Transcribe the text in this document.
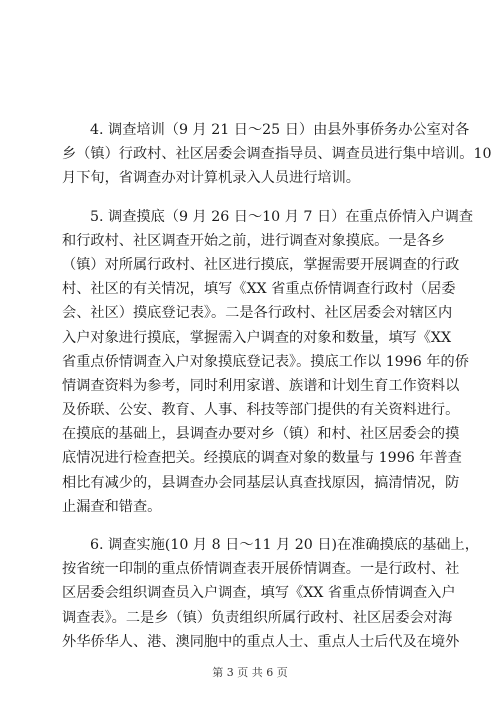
4. 调查培训（9 月 21 日～25 日）由县外事侨务办公室对各
乡（镇）行政村、社区居委会调查指导员、调查员进行集中培训。10
月下旬，省调查办对计算机录入人员进行培训。
5. 调查摸底（9 月 26 日～10 月 7 日）在重点侨情入户调查
和行政村、社区调查开始之前，进行调查对象摸底。一是各乡
（镇）对所属行政村、社区进行摸底，掌握需要开展调查的行政
村、社区的有关情况，填写《XX 省重点侨情调查行政村（居委
会、社区）摸底登记表》。二是各行政村、社区居委会对辖区内
入户对象进行摸底，掌握需入户调查的对象和数量，填写《XX
省重点侨情调查入户对象摸底登记表》。摸底工作以 1996 年的侨
情调查资料为参考，同时利用家谱、族谱和计划生育工作资料以
及侨联、公安、教育、人事、科技等部门提供的有关资料进行。
在摸底的基础上，县调查办要对乡（镇）和村、社区居委会的摸
底情况进行检查把关。经摸底的调查对象的数量与 1996 年普查
相比有减少的，县调查办会同基层认真查找原因，搞清情况，防
止漏查和错查。
6. 调查实施(10 月 8 日～11 月 20 日)在准确摸底的基础上，
按省统一印制的重点侨情调查表开展侨情调查。一是行政村、社
区居委会组织调查员入户调查，填写《XX 省重点侨情调查入户
调查表》。二是乡（镇）负责组织所属行政村、社区居委会对海
外华侨华人、港、澳同胞中的重点人士、重点人士后代及在境外
第 3 页 共 6 页
